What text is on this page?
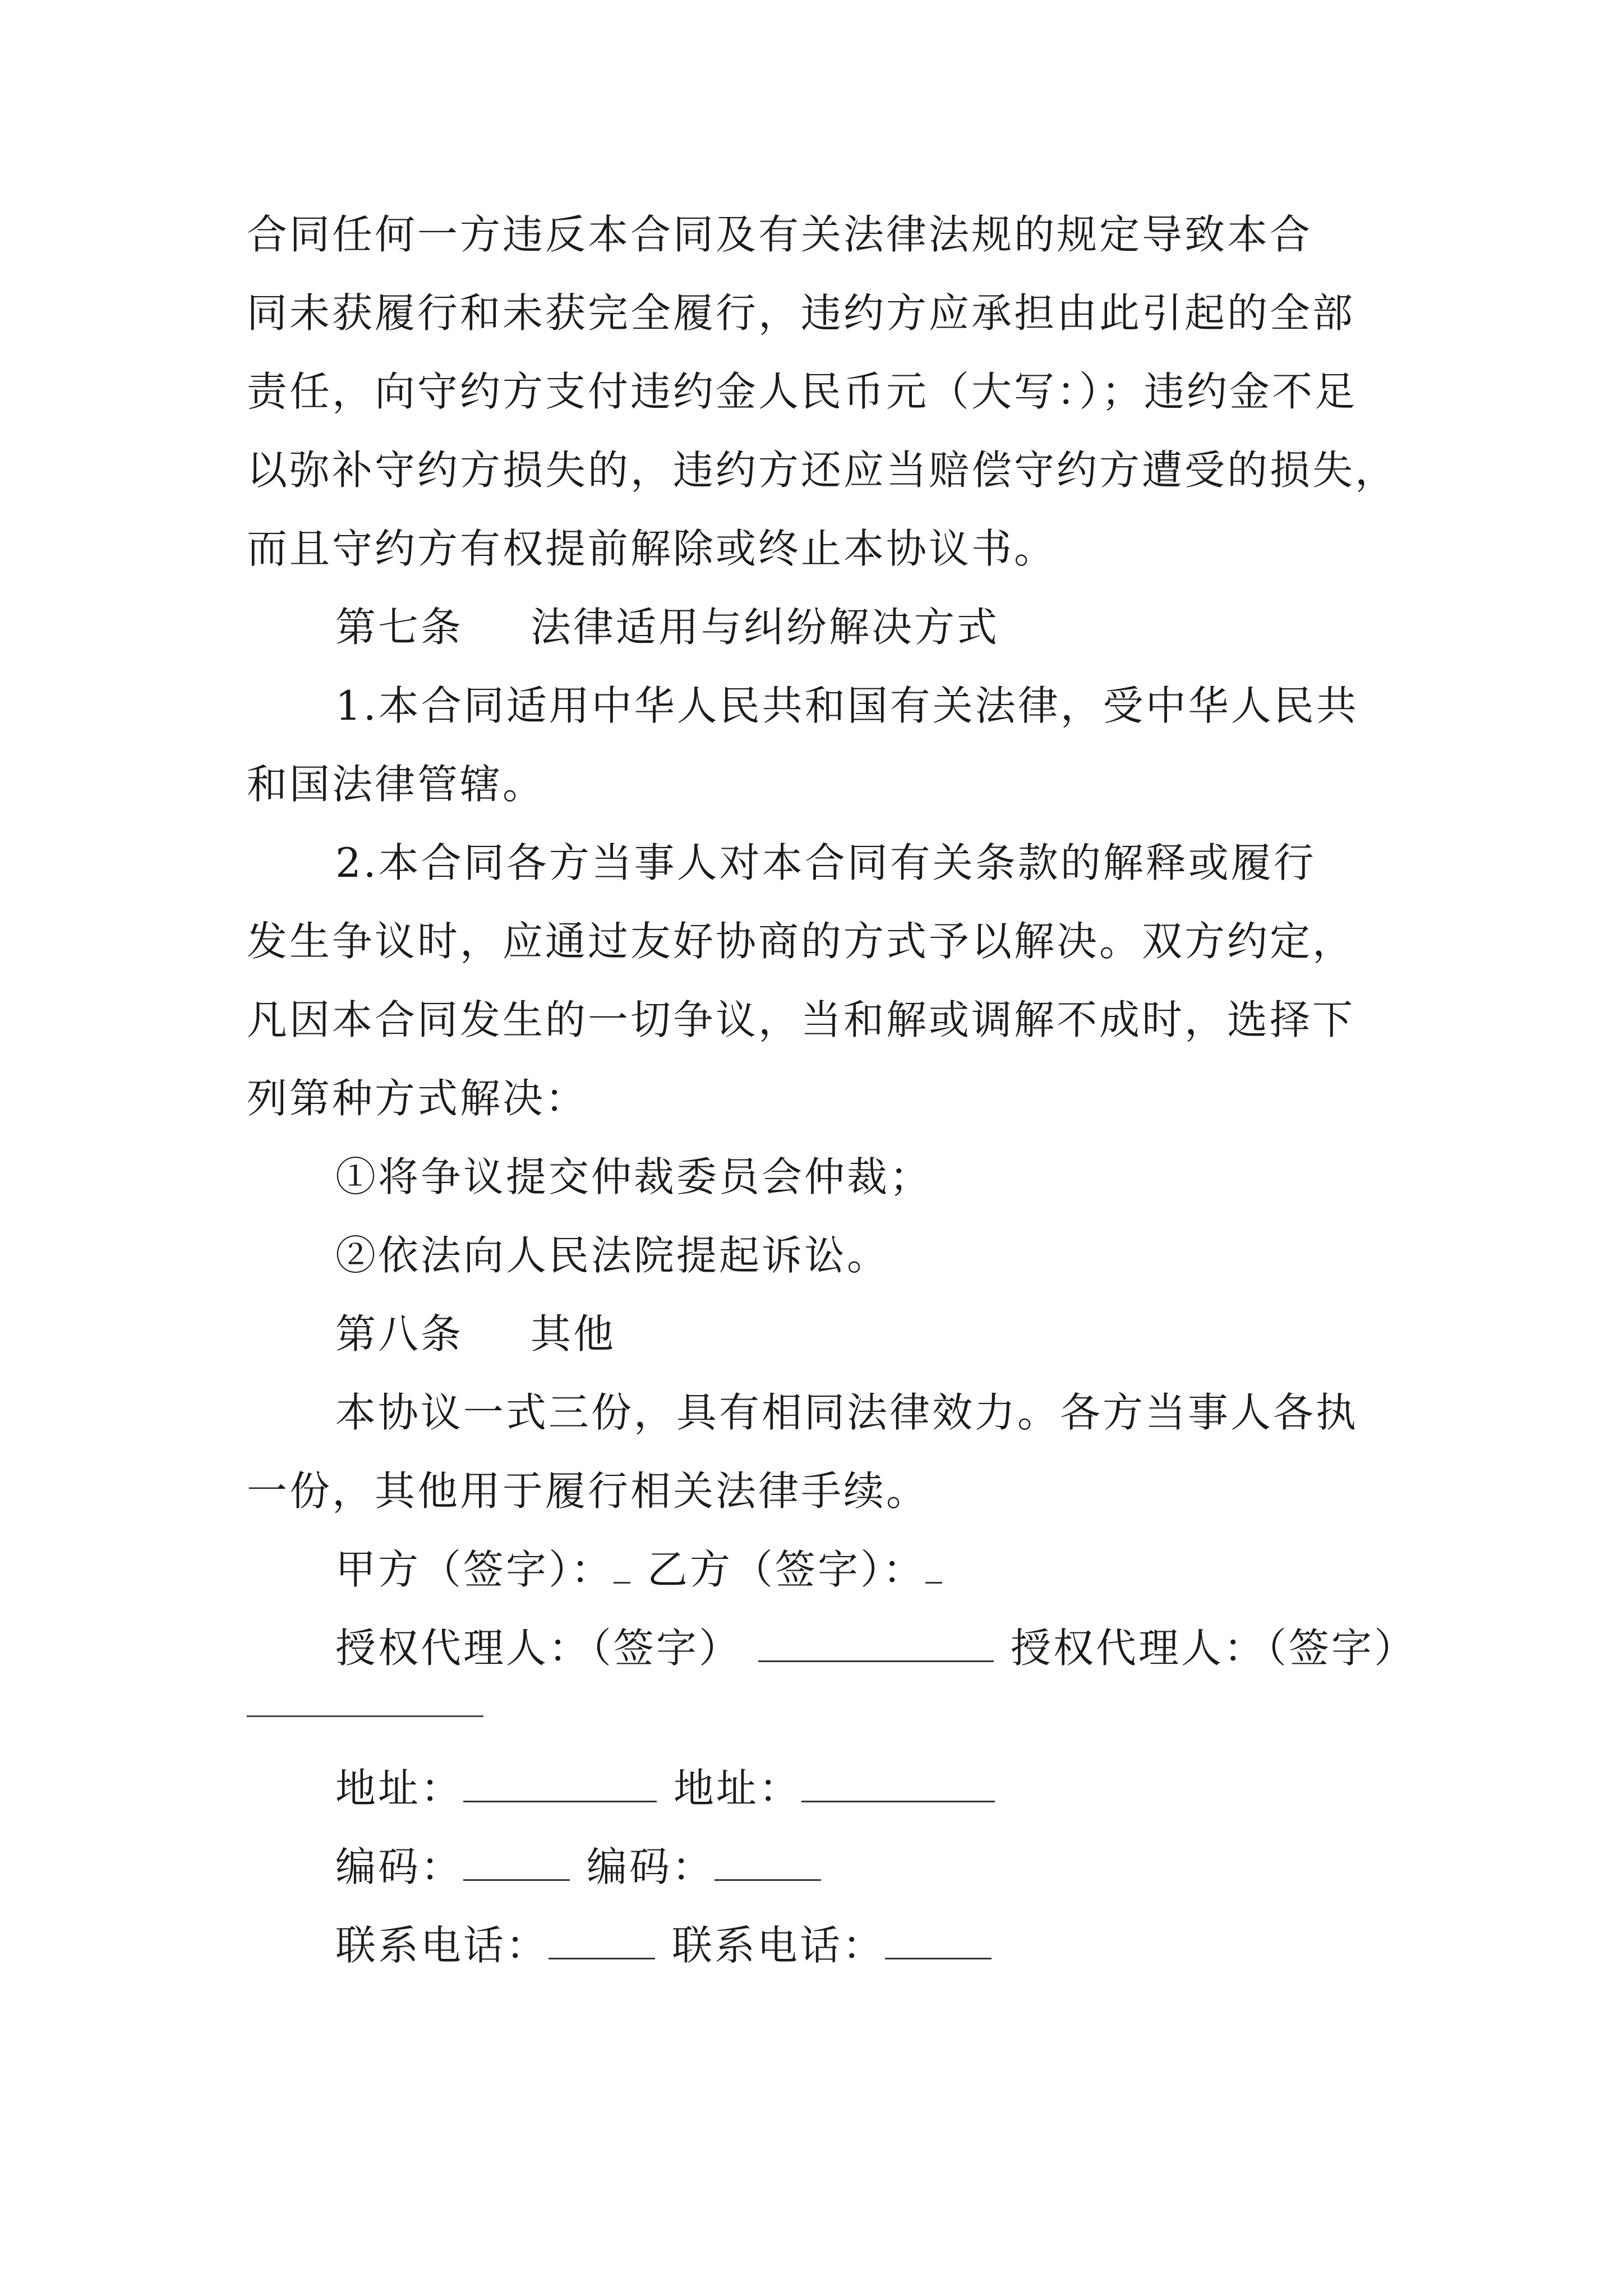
合同任何一方违反本合同及有关法律法规的规定导致本合
同未获履行和未获完全履行，违约方应承担由此引起的全部
责任，向守约方支付违约金人民币元（大写：）；违约金不足
以弥补守约方损失的，违约方还应当赔偿守约方遭受的损失，
而且守约方有权提前解除或终止本协议书。
第七条 法律适用与纠纷解决方式
1.本合同适用中华人民共和国有关法律，受中华人民共
和国法律管辖。
2.本合同各方当事人对本合同有关条款的解释或履行
发生争议时，应通过友好协商的方式予以解决。双方约定，
凡因本合同发生的一切争议，当和解或调解不成时，选择下
列第种方式解决：
①将争议提交仲裁委员会仲裁；
②依法向人民法院提起诉讼。
第八条 其他
本协议一式三份，具有相同法律效力。各方当事人各执
一份，其他用于履行相关法律手续。
甲方（签字）： 乙方（签字）：
授权代理人：（签字）	授权代理人：（签字）
地址：	地址：
编码：	编码：
联系电话：	联系电话：
